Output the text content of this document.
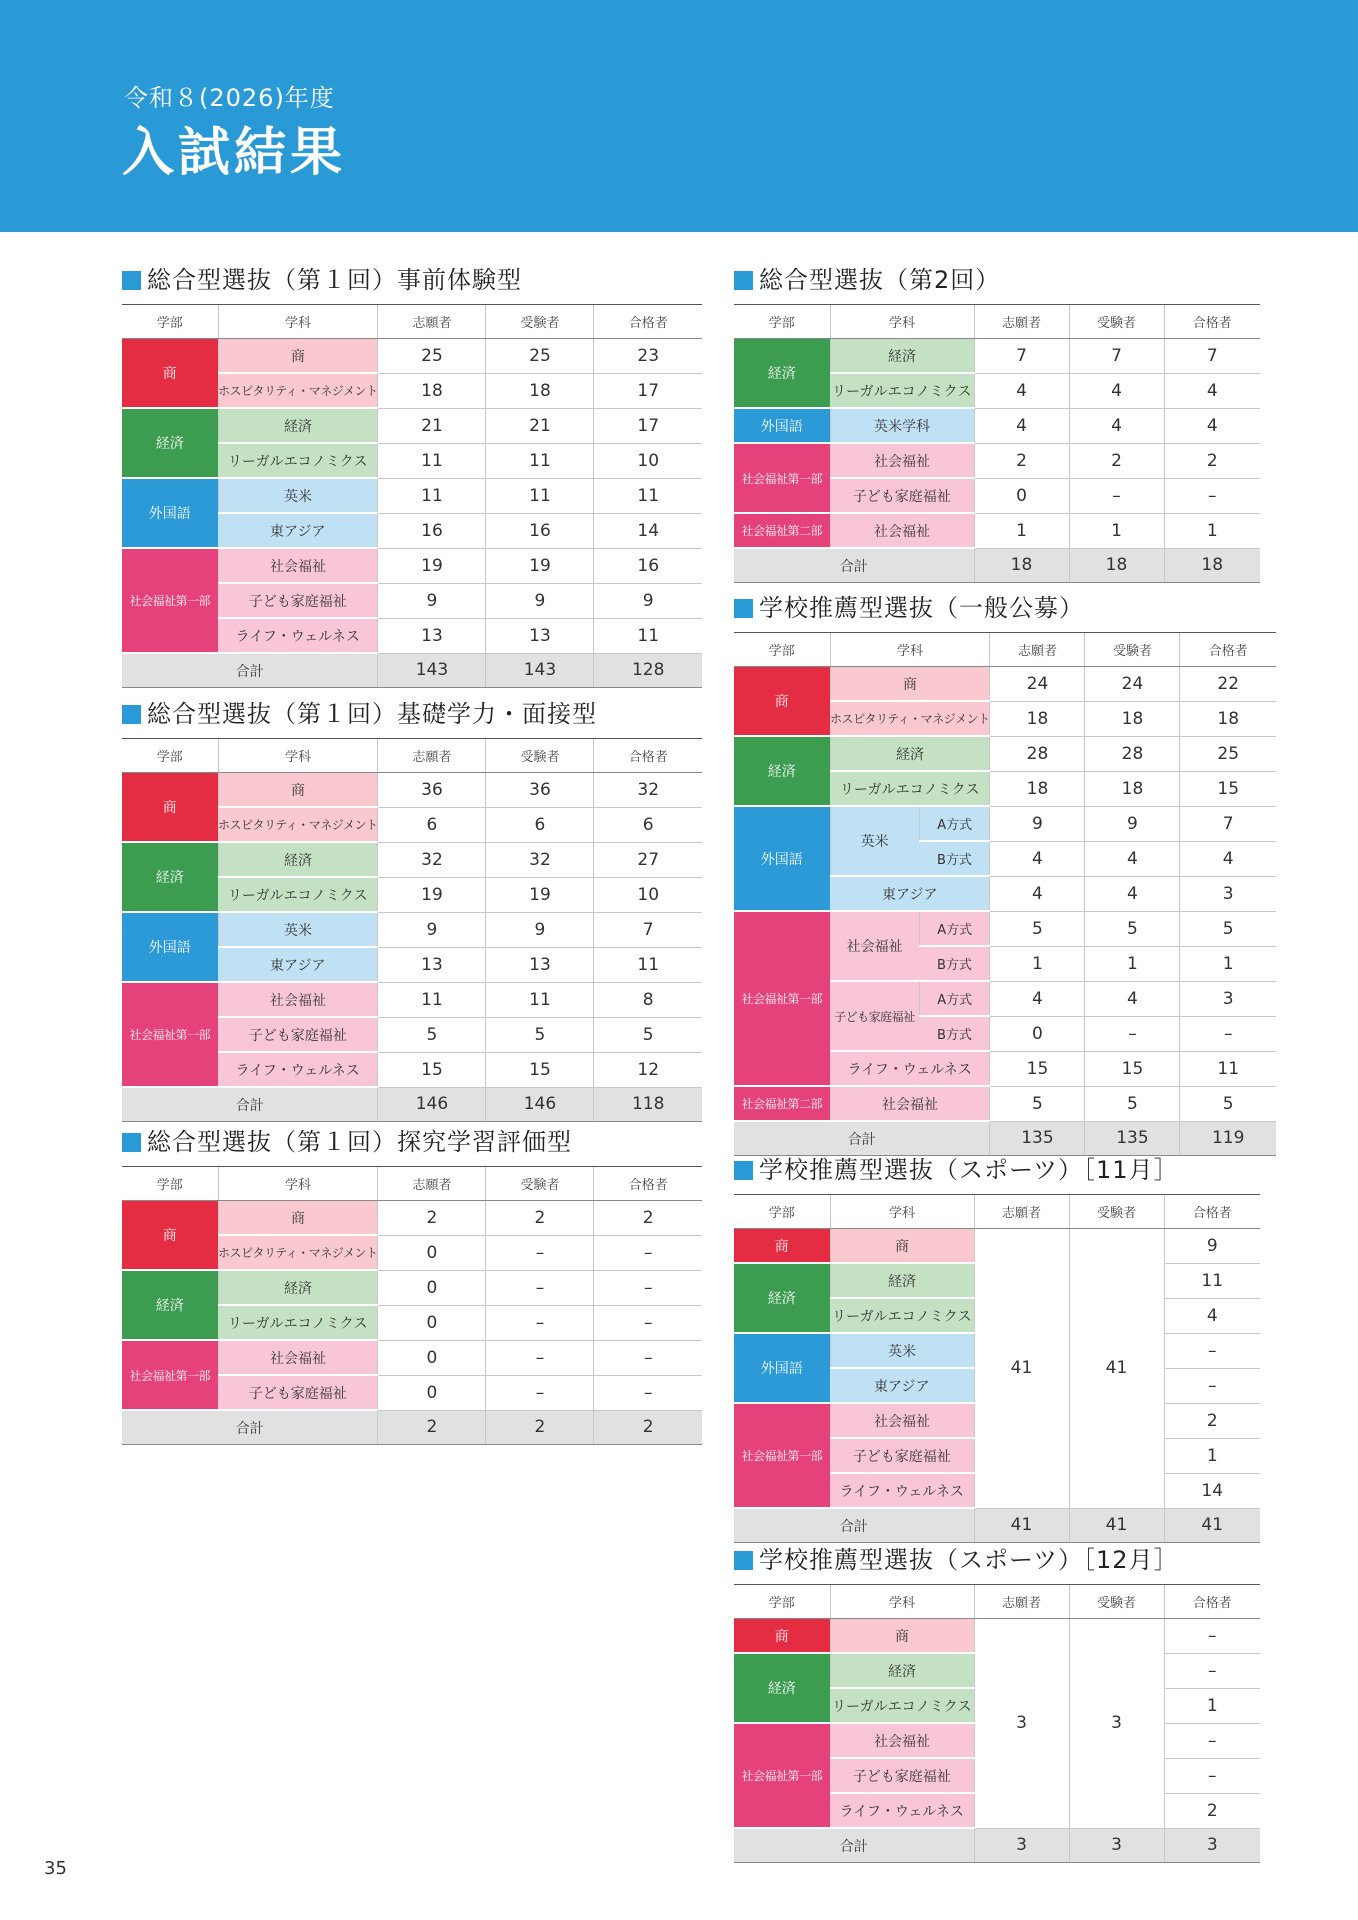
令和８(2026)年度
入試結果
総合型選抜（第１回）事前体験型
学部	学科	志願者	受験者	合格者
商	商	25	25	23
	ホスピタリティ・マネジメント	18	18	17
経済	経済	21	21	17
	リーガルエコノミクス	11	11	10
外国語	英米	11	11	11
	東アジア	16	16	14
社会福祉第一部	社会福祉	19	19	16
	子ども家庭福祉	9	9	9
	ライフ・ウェルネス	13	13	11
合計		143	143	128
総合型選抜（第１回）基礎学力・面接型
学部	学科	志願者	受験者	合格者
商	商	36	36	32
	ホスピタリティ・マネジメント	6	6	6
経済	経済	32	32	27
	リーガルエコノミクス	19	19	10
外国語	英米	9	9	7
	東アジア	13	13	11
社会福祉第一部	社会福祉	11	11	8
	子ども家庭福祉	5	5	5
	ライフ・ウェルネス	15	15	12
合計		146	146	118
総合型選抜（第１回）探究学習評価型
学部	学科	志願者	受験者	合格者
商	商	2	2	2
	ホスピタリティ・マネジメント	0	–	–
経済	経済	0	–	–
	リーガルエコノミクス	0	–	–
社会福祉第一部	社会福祉	0	–	–
	子ども家庭福祉	0	–	–
合計		2	2	2
総合型選抜（第2回）
学部	学科	志願者	受験者	合格者
経済	経済	7	7	7
	リーガルエコノミクス	4	4	4
外国語	英米学科	4	4	4
社会福祉第一部	社会福祉	2	2	2
	子ども家庭福祉	0	–	–
社会福祉第二部	社会福祉	1	1	1
合計		18	18	18
学校推薦型選抜（一般公募）
学部	学科		志願者	受験者	合格者
商	商		24	24	22
	ホスピタリティ・マネジメント		18	18	18
経済	経済		28	28	25
	リーガルエコノミクス		18	18	15
外国語	英米	A方式	9	9	7
		B方式	4	4	4
	東アジア		4	4	3
社会福祉第一部	社会福祉	A方式	5	5	5
		B方式	1	1	1
	子ども家庭福祉	A方式	4	4	3
		B方式	0	–	–
	ライフ・ウェルネス		15	15	11
社会福祉第二部	社会福祉		5	5	5
合計			135	135	119
学校推薦型選抜（スポーツ）［11月］
学部	学科	志願者	受験者	合格者
商	商	41	41	9
経済	経済			11
	リーガルエコノミクス			4
外国語	英米			–
	東アジア			–
社会福祉第一部	社会福祉			2
	子ども家庭福祉			1
	ライフ・ウェルネス			14
合計		41	41	41
学校推薦型選抜（スポーツ）［12月］
学部	学科	志願者	受験者	合格者
商	商	3	3	–
経済	経済			–
	リーガルエコノミクス			1
社会福祉第一部	社会福祉			–
	子ども家庭福祉			–
	ライフ・ウェルネス			2
合計		3	3	3
35
